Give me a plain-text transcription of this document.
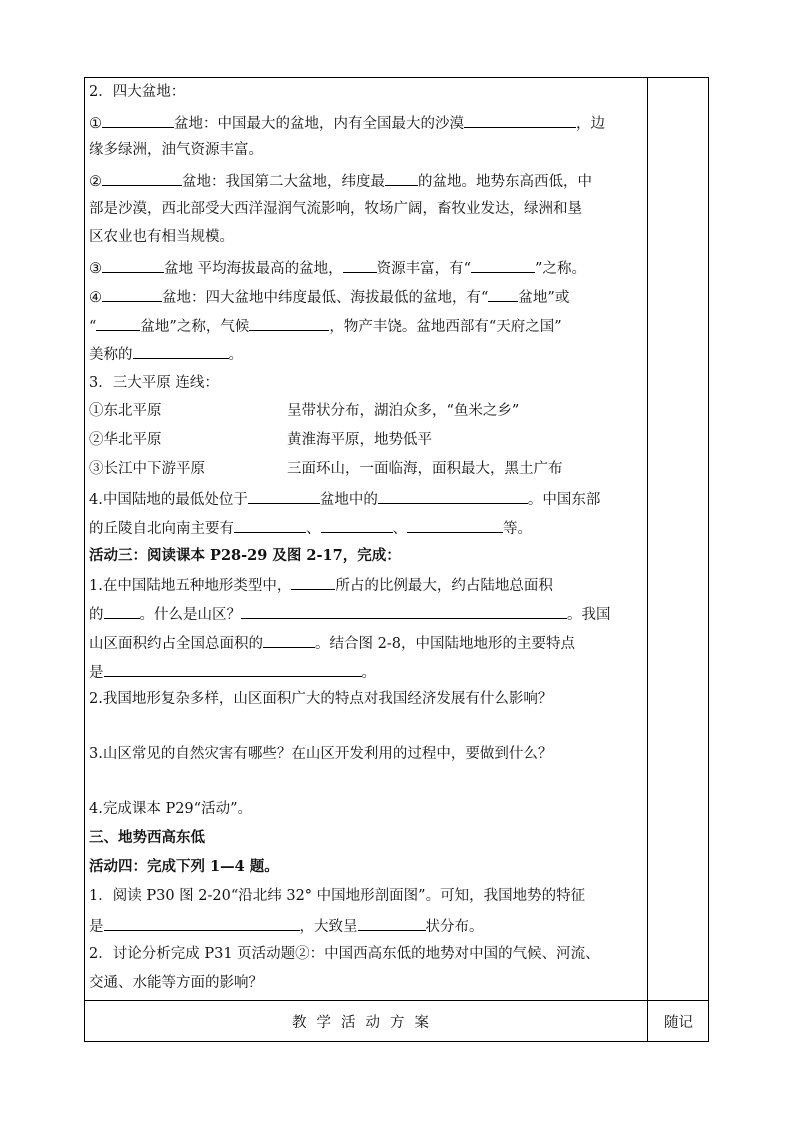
2．四大盆地：
①	盆地：中国最大的盆地，内有全国最大的沙漠	，边
缘多绿洲，油气资源丰富。
②	盆地：我国第二大盆地，纬度最 的盆地。地势东高西低，中
部是沙漠，西北部受大西洋湿润气流影响，牧场广阔，畜牧业发达，绿洲和垦
区农业也有相当规模。
③	盆地 平均海拔最高的盆地， 资源丰富，有“	”之称。
④	盆地：四大盆地中纬度最低、海拔最低的盆地，有“ 盆地”或
“	盆地”之称，气候	，物产丰饶。盆地西部有“天府之国”
美称的	。
3．三大平原 连线：
①东北平原	呈带状分布，湖泊众多，“鱼米之乡”
②华北平原	黄淮海平原，地势低平
③长江中下游平原	三面环山，一面临海，面积最大，黑土广布
4.中国陆地的最低处位于	盆地中的	。中国东部
的丘陵自北向南主要有	、	、	等。
活动三：阅读课本 P28-29 及图 2-17，完成：
1.在中国陆地五种地形类型中，	所占的比例最大，约占陆地总面积
的 。什么是山区？	。我国
山区面积约占全国总面积的	。结合图 2-8，中国陆地地形的主要特点
是	。
2.我国地形复杂多样，山区面积广大的特点对我国经济发展有什么影响？
3.山区常见的自然灾害有哪些？在山区开发利用的过程中，要做到什么？
4.完成课本 P29“活动”。
三、地势西高东低
活动四：完成下列 1—4 题。
1．阅读 P30 图 2-20“沿北纬 32° 中国地形剖面图”。可知，我国地势的特征
是	，大致呈	状分布。
2．讨论分析完成 P31 页活动题②：中国西高东低的地势对中国的气候、河流、
交通、水能等方面的影响？
教学活动方案	随记
